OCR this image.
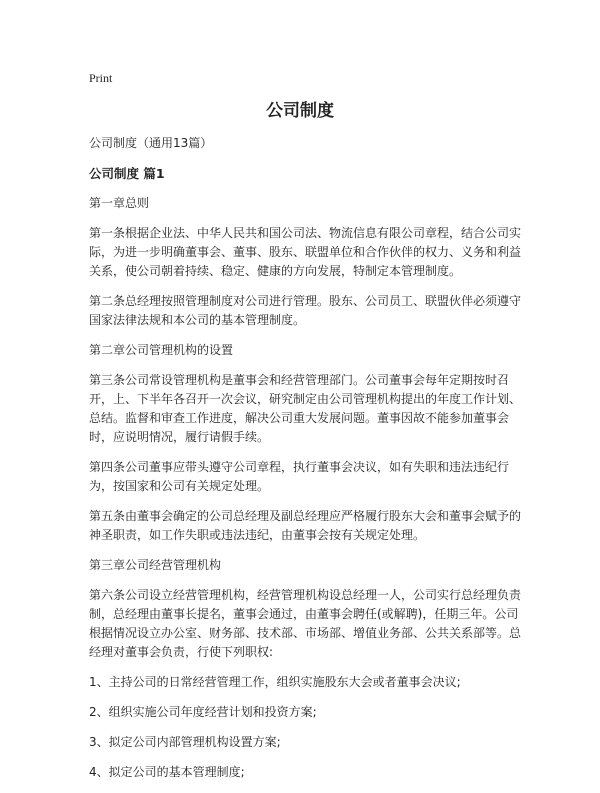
Print
公司制度

公司制度（通用13篇）

公司制度 篇1

第一章总则

第一条根据企业法、中华人民共和国公司法、物流信息有限公司章程，结合公司实际，为进一步明确董事会、董事、股东、联盟单位和合作伙伴的权力、义务和利益关系，使公司朝着持续、稳定、健康的方向发展，特制定本管理制度。

第二条总经理按照管理制度对公司进行管理。股东、公司员工、联盟伙伴必须遵守国家法律法规和本公司的基本管理制度。

第二章公司管理机构的设置

第三条公司常设管理机构是董事会和经营管理部门。公司董事会每年定期按时召开，上、下半年各召开一次会议，研究制定由公司管理机构提出的年度工作计划、总结。监督和审查工作进度，解决公司重大发展问题。董事因故不能参加董事会时，应说明情况，履行请假手续。

第四条公司董事应带头遵守公司章程，执行董事会决议，如有失职和违法违纪行为，按国家和公司有关规定处理。

第五条由董事会确定的公司总经理及副总经理应严格履行股东大会和董事会赋予的神圣职责，如工作失职或违法违纪，由董事会按有关规定处理。

第三章公司经营管理机构

第六条公司设立经营管理机构，经营管理机构设总经理一人，公司实行总经理负责制，总经理由董事长提名，董事会通过，由董事会聘任(或解聘)，任期三年。公司根据情况设立办公室、财务部、技术部、市场部、增值业务部、公共关系部等。总经理对董事会负责，行使下列职权:

1、主持公司的日常经营管理工作，组织实施股东大会或者董事会决议;

2、组织实施公司年度经营计划和投资方案;

3、拟定公司内部管理机构设置方案;

4、拟定公司的基本管理制度;
